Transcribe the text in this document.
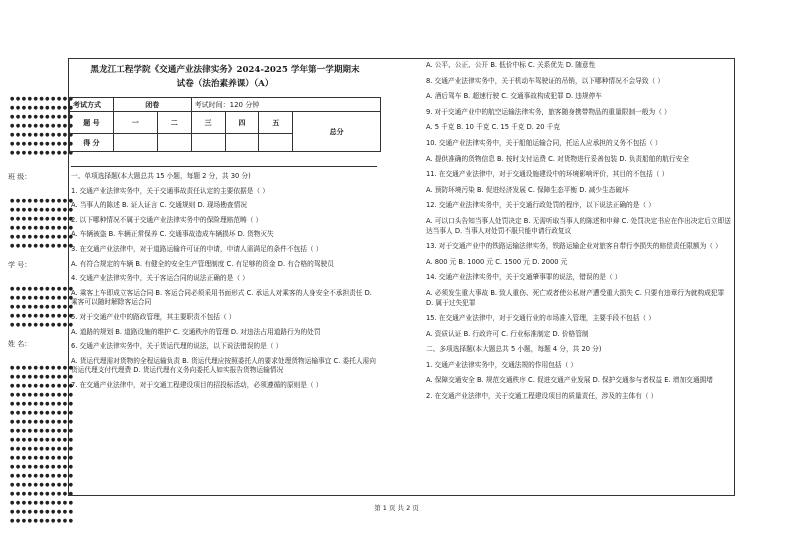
●●●●●●●●●●●
●●●●●●●●●●●
●●●●●●●●●●●
●●●●●●●●●●●
●●●●●●●●●●●
●●●●●●●●●●●
●●●●●●●●●●●
班 级：
●●●●●●●●●●●
●●●●●●●●●●●
●●●●●●●●●●●
●●●●●●●●●●●
●●●●●●●●●●●
●●●●●●●●●●●
学 号：
●●●●●●●●●●●
●●●●●●●●●●●
●●●●●●●●●●●
●●●●●●●●●●●
●●●●●●●●●●●
姓 名：
●●●●●●●●●●●
●●●●●●●●●●●
●●●●●●●●●●●
●●●●●●●●●●●
●●●●●●●●●●●
●●●●●●●●●●●
●●●●●●●●●●●
●●●●●●●●●●●
●●●●●●●●●●●
●●●●●●●●●●●
●●●●●●●●●●●
●●●●●●●●●●●
●●●●●●●●●●●
●●●●●●●●●●●
●●●●●●●●●●●
●●●●●●●●●●●
●●●●●●●●●●●
●●●●●●●●●●●
黑龙江工程学院《交通产业法律实务》2024-2025 学年第一学期期末
试卷（法治素养课）（A）
考试方式	闭卷		考试时间：120 分钟			
题 号	一	二	三	四	五	总分
得 分						

一、单项选择题(本大题总共 15 小题，每题 2 分，共 30 分)

1. 交通产业法律实务中，关于交通事故责任认定的主要依据是（ ）

A. 当事人的陈述 B. 证人证言 C. 交通规则 D. 现场勘查情况

2. 以下哪种情况不属于交通产业法律实务中的保险理赔范畴（ ）

A. 车辆被盗 B. 车辆正常保养 C. 交通事故造成车辆损坏 D. 货物灭失

3. 在交通产业法律中，对于道路运输许可证的申请，申请人需满足的条件不包括（ ）

A. 有符合规定的车辆 B. 有健全的安全生产管理制度 C. 有足够的资金 D. 有合格的驾驶员

4. 交通产业法律实务中，关于客运合同的说法正确的是（ ）

A. 乘客上车即成立客运合同 B. 客运合同必须采用书面形式 C. 承运人对乘客的人身安全不承担责任 D. 乘客可以随时解除客运合同

5. 对于交通产业中的路政管理，其主要职责不包括（ ）

A. 道路的规划 B. 道路设施的维护 C. 交通秩序的管理 D. 对违法占用道路行为的处罚

6. 交通产业法律实务中，关于货运代理的说法，以下说法错误的是（ ）

A. 货运代理需对货物的全程运输负责 B. 货运代理应按照委托人的要求处理货物运输事宜 C. 委托人需向货运代理支付代理费 D. 货运代理有义务向委托人如实报告货物运输情况

7. 在交通产业法律中，对于交通工程建设项目的招投标活动，必须遵循的原则是（ ）

A. 公平、公正、公开 B. 低价中标 C. 关系优先 D. 随意性

8. 交通产业法律实务中，关于机动车驾驶证的吊销，以下哪种情况不会导致（ ）

A. 酒后驾车 B. 超速行驶 C. 交通事故构成犯罪 D. 违规停车

9. 对于交通产业中的航空运输法律实务，旅客随身携带物品的重量限制一般为（ ）

A. 5 千克 B. 10 千克 C. 15 千克 D. 20 千克

10. 交通产业法律实务中，关于船舶运输合同，托运人应承担的义务不包括（ ）

A. 提供准确的货物信息 B. 按时支付运费 C. 对货物进行妥善包装 D. 负责船舶的航行安全

11. 在交通产业法律中，对于交通设施建设中的环境影响评价，其目的不包括（ ）

A. 预防环境污染 B. 促进经济发展 C. 保障生态平衡 D. 减少生态破坏

12. 交通产业法律实务中，关于交通行政处罚的程序，以下说法正确的是（ ）

A. 可以口头告知当事人处罚决定 B. 无需听取当事人的陈述和申辩 C. 处罚决定书应在作出决定后立即送达当事人 D. 当事人对处罚不服只能申请行政复议

13. 对于交通产业中的铁路运输法律实务，铁路运输企业对旅客自带行李损失的赔偿责任限额为（ ）

A. 800 元 B. 1000 元 C. 1500 元 D. 2000 元

14. 交通产业法律实务中，关于交通肇事罪的说法，错误的是（ ）

A. 必须发生重大事故 B. 致人重伤、死亡或者使公私财产遭受重大损失 C. 只要有违章行为就构成犯罪 D. 属于过失犯罪

15. 在交通产业法律中，对于交通行业的市场准入管理，主要手段不包括（ ）

A. 资质认证 B. 行政许可 C. 行业标准制定 D. 价格管制

二、多项选择题(本大题总共 5 小题，每题 4 分，共 20 分)

1. 交通产业法律实务中，交通法规的作用包括（ ）

A. 保障交通安全 B. 规范交通秩序 C. 促进交通产业发展 D. 保护交通参与者权益 E. 增加交通拥堵

2. 在交通产业法律中，关于交通工程建设项目的质量责任，涉及的主体有（ ）

第 1 页 共 2 页
